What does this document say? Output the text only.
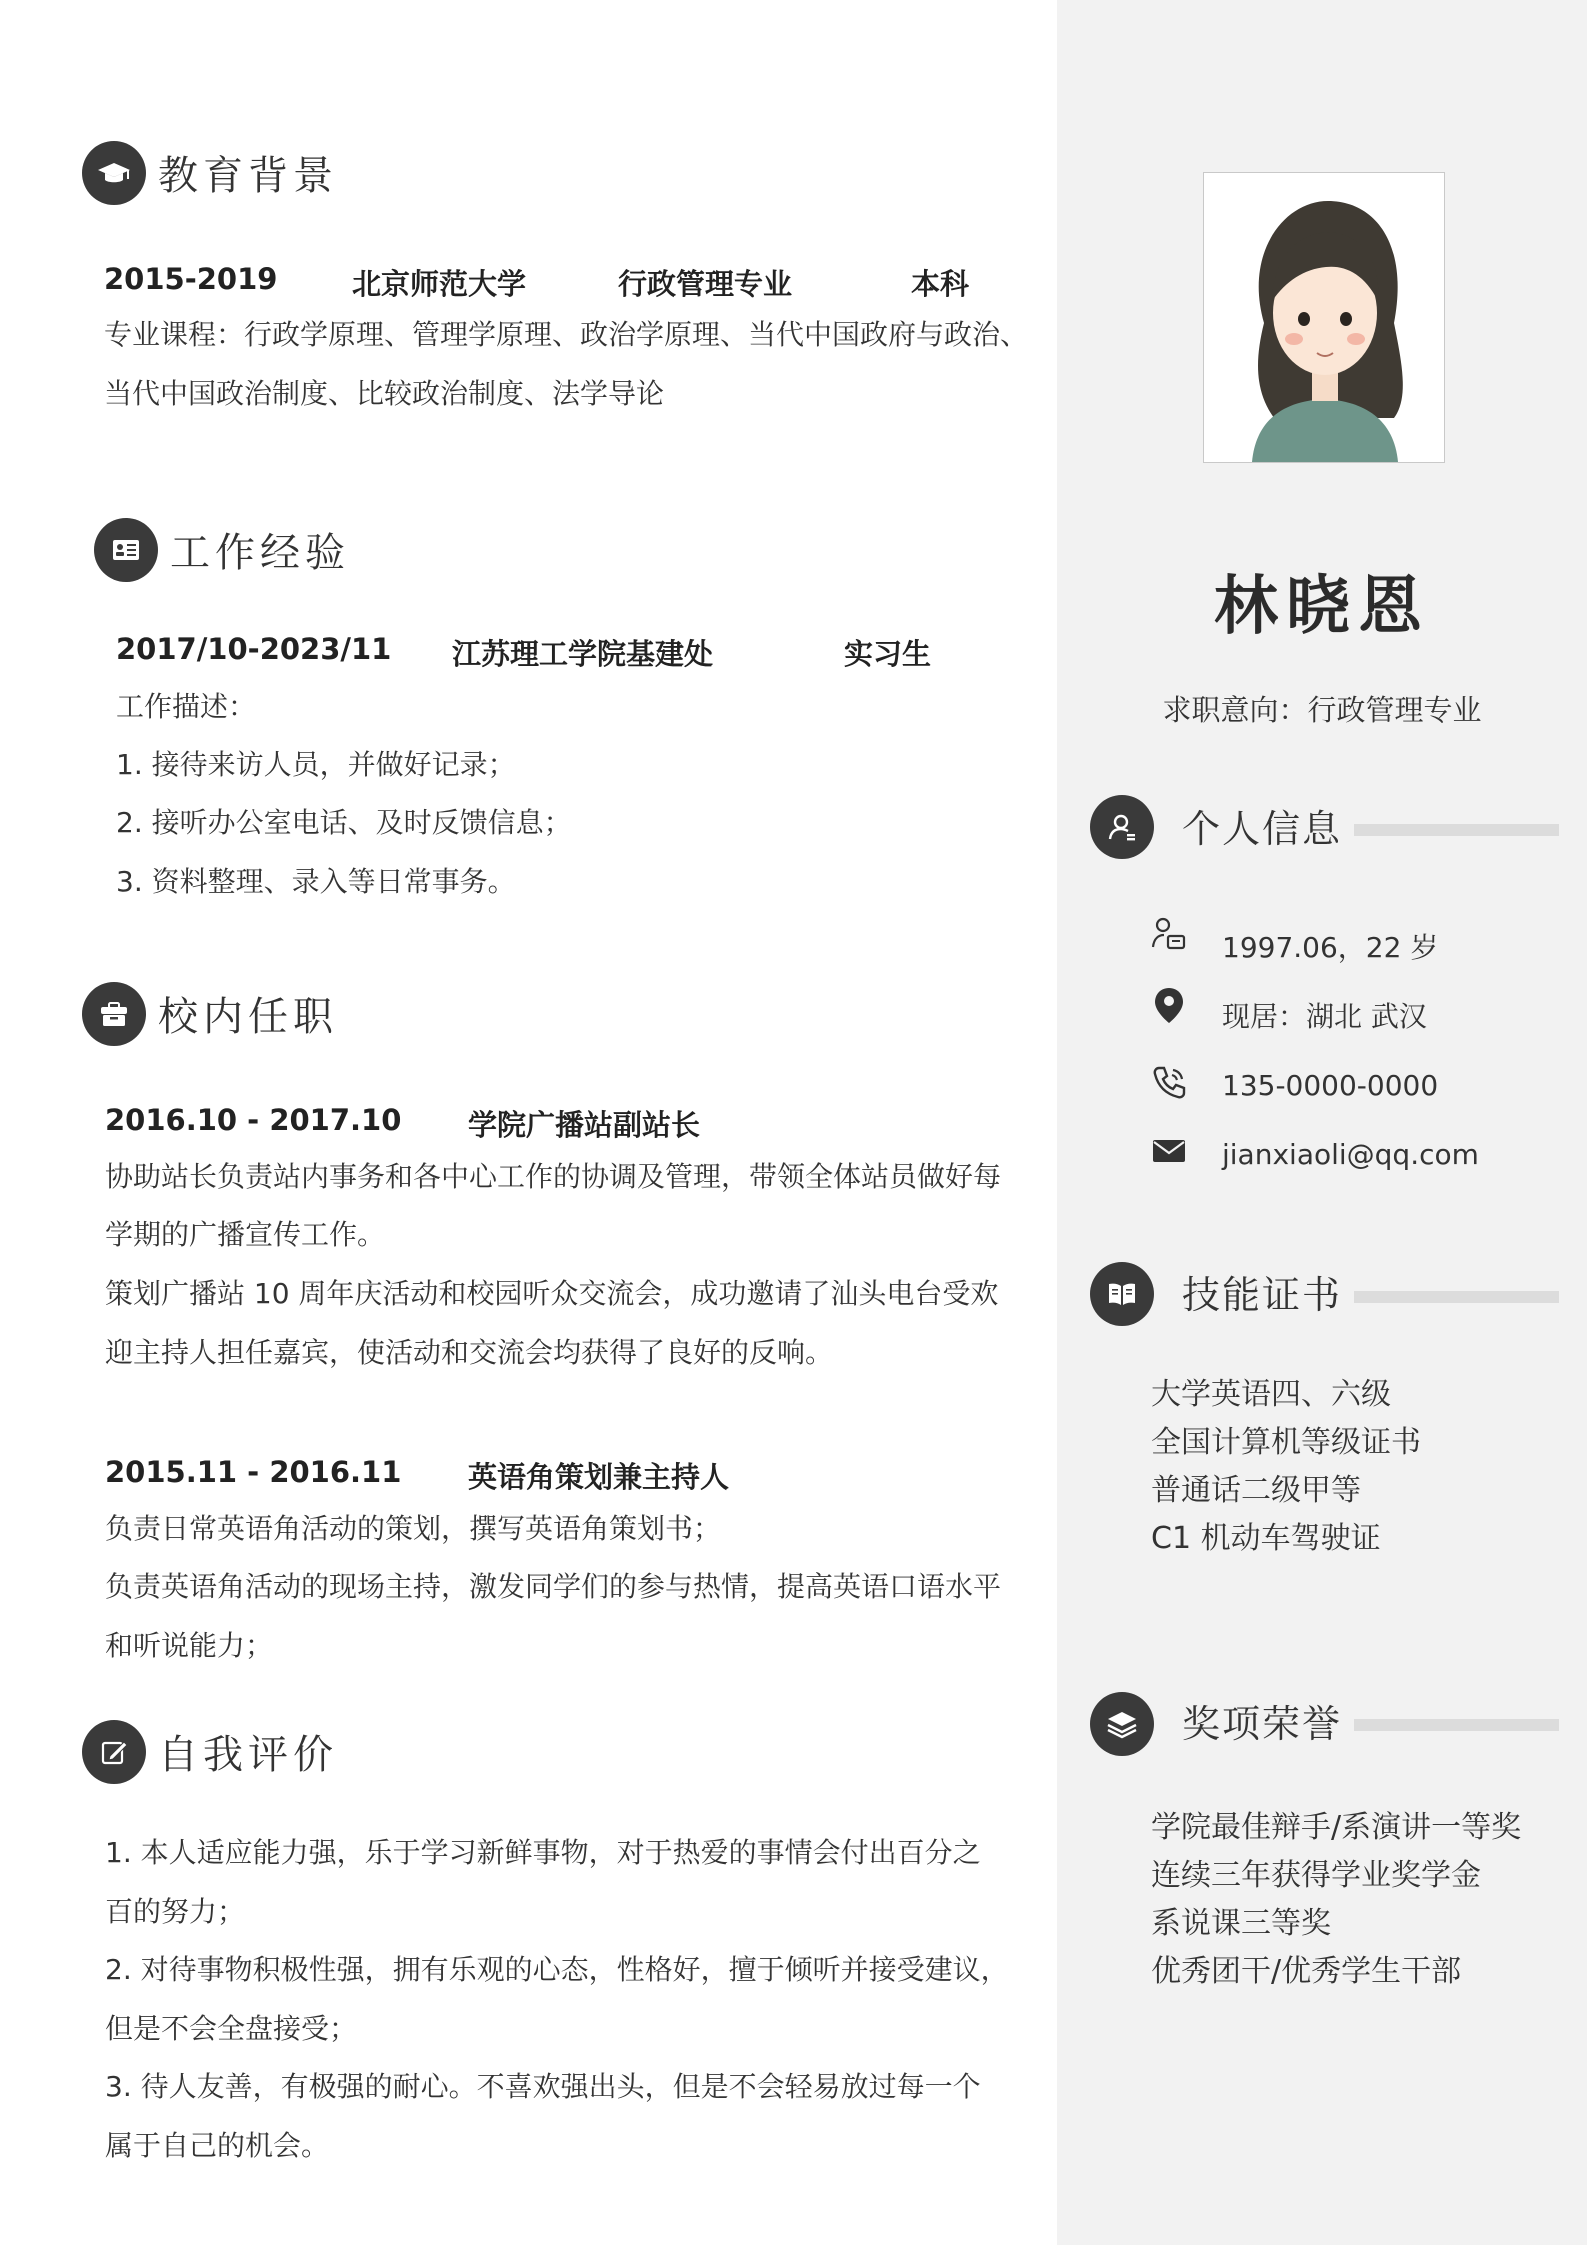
教育背景
2015-2019	北京师范大学	行政管理专业	本科
专业课程：行政学原理、管理学原理、政治学原理、当代中国政府与政治、
当代中国政治制度、比较政治制度、法学导论
工作经验
2017/10-2023/11 江苏理工学院基建处	实习生
工作描述：
1. 接待来访人员，并做好记录；
2. 接听办公室电话、及时反馈信息；
3. 资料整理、录入等日常事务。
校内任职
2016.10 - 2017.10 学院广播站副站长
协助站长负责站内事务和各中心工作的协调及管理，带领全体站员做好每
学期的广播宣传工作。
策划广播站 10 周年庆活动和校园听众交流会，成功邀请了汕头电台受欢
迎主持人担任嘉宾，使活动和交流会均获得了良好的反响。
2015.11 - 2016.11 英语角策划兼主持人
负责日常英语角活动的策划，撰写英语角策划书；
负责英语角活动的现场主持，激发同学们的参与热情，提高英语口语水平
和听说能力；
自我评价
1. 本人适应能力强，乐于学习新鲜事物，对于热爱的事情会付出百分之
百的努力；
2. 对待事物积极性强，拥有乐观的心态，性格好，擅于倾听并接受建议，
但是不会全盘接受；
3. 待人友善，有极强的耐心。不喜欢强出头，但是不会轻易放过每一个
属于自己的机会。
林晓恩
求职意向：行政管理专业
个人信息
1997.06，22 岁
现居：湖北 武汉
135-0000-0000
jianxiaoli@qq.com
技能证书
大学英语四、六级
全国计算机等级证书
普通话二级甲等
C1 机动车驾驶证
奖项荣誉
学院最佳辩手/系演讲一等奖
连续三年获得学业奖学金
系说课三等奖
优秀团干/优秀学生干部
